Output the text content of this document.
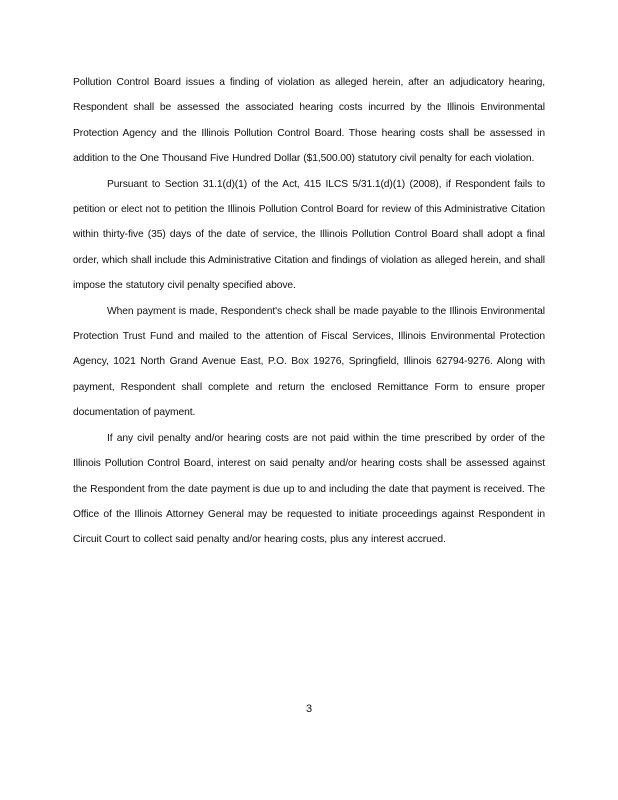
Pollution Control Board issues a finding of violation as alleged herein, after an adjudicatory hearing, Respondent shall be assessed the associated hearing costs incurred by the Illinois Environmental Protection Agency and the Illinois Pollution Control Board. Those hearing costs shall be assessed in addition to the One Thousand Five Hundred Dollar ($1,500.00) statutory civil penalty for each violation.

Pursuant to Section 31.1(d)(1) of the Act, 415 ILCS 5/31.1(d)(1) (2008), if Respondent fails to petition or elect not to petition the Illinois Pollution Control Board for review of this Administrative Citation within thirty-five (35) days of the date of service, the Illinois Pollution Control Board shall adopt a final order, which shall include this Administrative Citation and findings of violation as alleged herein, and shall impose the statutory civil penalty specified above.

When payment is made, Respondent's check shall be made payable to the Illinois Environmental Protection Trust Fund and mailed to the attention of Fiscal Services, Illinois Environmental Protection Agency, 1021 North Grand Avenue East, P.O. Box 19276, Springfield, Illinois 62794-9276. Along with payment, Respondent shall complete and return the enclosed Remittance Form to ensure proper documentation of payment.

If any civil penalty and/or hearing costs are not paid within the time prescribed by order of the Illinois Pollution Control Board, interest on said penalty and/or hearing costs shall be assessed against the Respondent from the date payment is due up to and including the date that payment is received. The Office of the Illinois Attorney General may be requested to initiate proceedings against Respondent in Circuit Court to collect said penalty and/or hearing costs, plus any interest accrued.

3
